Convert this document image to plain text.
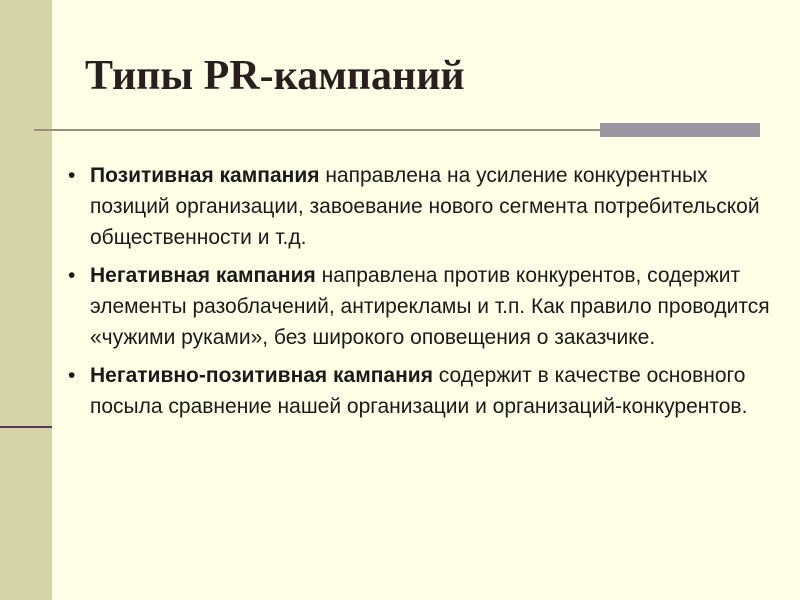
Типы PR-кампаний
• Позитивная кампания направлена на усиление конкурентных позиций организации, завоевание нового сегмента потребительской общественности и т.д.
• Негативная кампания направлена против конкурентов, содержит элементы разоблачений, антирекламы и т.п. Как правило проводится «чужими руками», без широкого оповещения о заказчике.
• Негативно-позитивная кампания содержит в качестве основного посыла сравнение нашей организации и организаций-конкурентов.
